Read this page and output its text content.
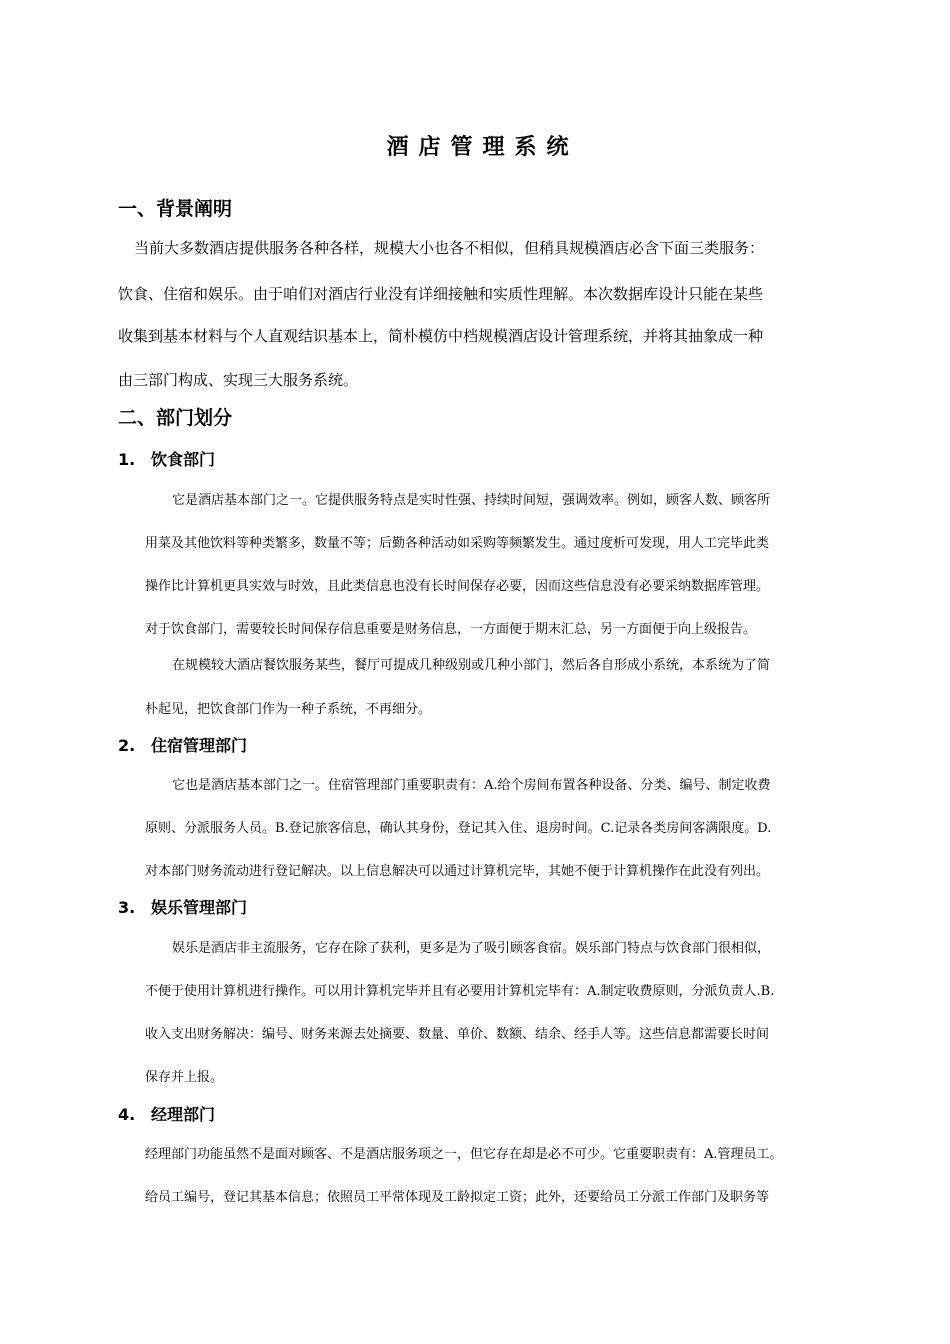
酒店管理系统
一、背景阐明
当前大多数酒店提供服务各种各样，规模大小也各不相似，但稍具规模酒店必含下面三类服务：
饮食、住宿和娱乐。由于咱们对酒店行业没有详细接触和实质性理解。本次数据库设计只能在某些
收集到基本材料与个人直观结识基本上，简朴模仿中档规模酒店设计管理系统，并将其抽象成一种
由三部门构成、实现三大服务系统。
二、部门划分
1. 饮食部门
它是酒店基本部门之一。它提供服务特点是实时性强、持续时间短，强调效率。例如，顾客人数、顾客所
用菜及其他饮料等种类繁多，数量不等；后勤各种活动如采购等频繁发生。通过度析可发现，用人工完毕此类
操作比计算机更具实效与时效，且此类信息也没有长时间保存必要，因而这些信息没有必要采纳数据库管理。
对于饮食部门，需要较长时间保存信息重要是财务信息，一方面便于期末汇总，另一方面便于向上级报告。
在规模较大酒店餐饮服务某些，餐厅可提成几种级别或几种小部门，然后各自形成小系统，本系统为了简
朴起见，把饮食部门作为一种子系统，不再细分。
2. 住宿管理部门
它也是酒店基本部门之一。住宿管理部门重要职责有：A.给个房间布置各种设备、分类、编号、制定收费
原则、分派服务人员。B.登记旅客信息，确认其身份，登记其入住、退房时间。C.记录各类房间客满限度。D.
对本部门财务流动进行登记解决。以上信息解决可以通过计算机完毕，其她不便于计算机操作在此没有列出。
3. 娱乐管理部门
娱乐是酒店非主流服务，它存在除了获利，更多是为了吸引顾客食宿。娱乐部门特点与饮食部门很相似，
不便于使用计算机进行操作。可以用计算机完毕并且有必要用计算机完毕有：A.制定收费原则，分派负责人.B.
收入支出财务解决：编号、财务来源去处摘要、数量、单价、数额、结余、经手人等。这些信息都需要长时间
保存并上报。
4. 经理部门
经理部门功能虽然不是面对顾客、不是酒店服务项之一，但它存在却是必不可少。它重要职责有：A.管理员工。
给员工编号，登记其基本信息；依照员工平常体现及工龄拟定工资；此外，还要给员工分派工作部门及职务等
